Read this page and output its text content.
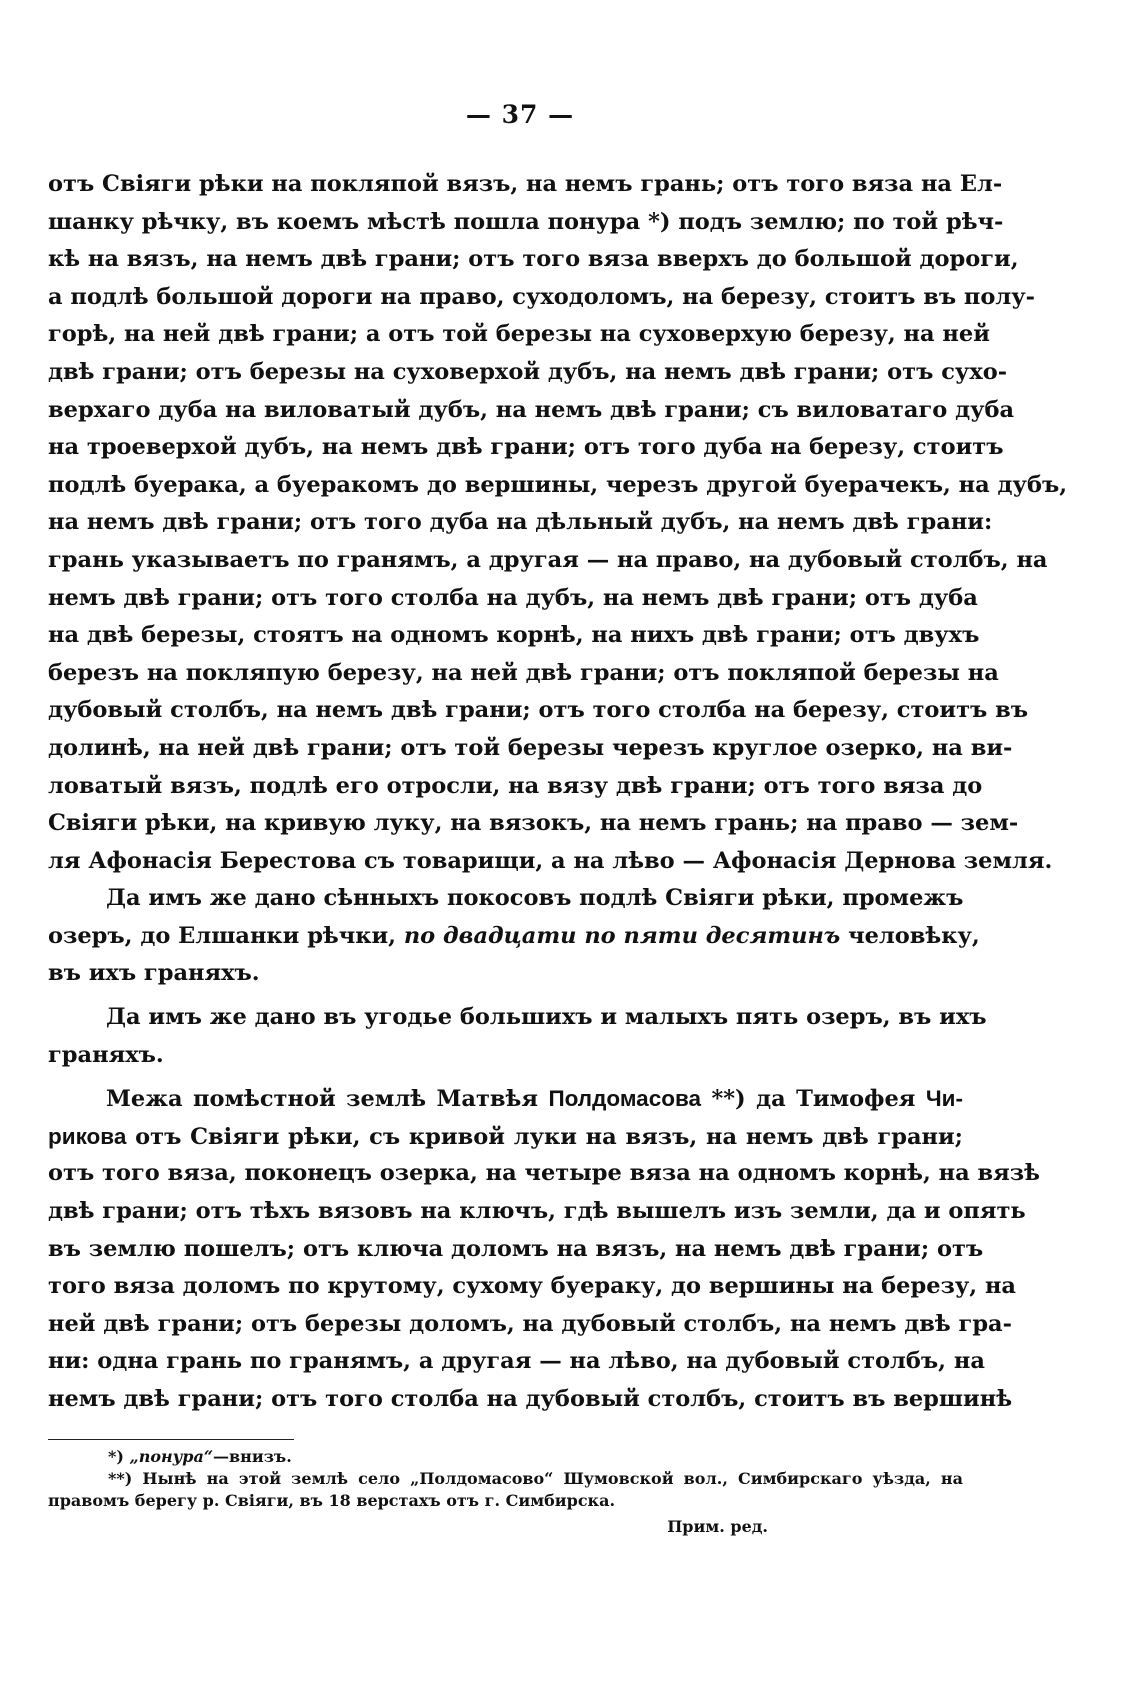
— 37 —
отъ Свіяги рѣки на покляпой вязъ, на немъ грань; отъ того вяза на Ел-
шанку рѣчку, въ коемъ мѣстѣ пошла понура *) подъ землю; по той рѣч-
кѣ на вязъ, на немъ двѣ грани; отъ того вяза вверхъ до большой дороги,
а подлѣ большой дороги на право, суходоломъ, на березу, стоитъ въ полу-
горѣ, на ней двѣ грани; а отъ той березы на суховерхую березу, на ней
двѣ грани; отъ березы на суховерхой дубъ, на немъ двѣ грани; отъ сухо-
верхаго дуба на виловатый дубъ, на немъ двѣ грани; съ виловатаго дуба
на троеверхой дубъ, на немъ двѣ грани; отъ того дуба на березу, стоитъ
подлѣ буерака, а буеракомъ до вершины, черезъ другой буерачекъ, на дубъ,
на немъ двѣ грани; отъ того дуба на дѣльный дубъ, на немъ двѣ грани:
грань указываетъ по гранямъ, а другая — на право, на дубовый столбъ, на
немъ двѣ грани; отъ того столба на дубъ, на немъ двѣ грани; отъ дуба
на двѣ березы, стоятъ на одномъ корнѣ, на нихъ двѣ грани; отъ двухъ
березъ на покляпую березу, на ней двѣ грани; отъ покляпой березы на
дубовый столбъ, на немъ двѣ грани; отъ того столба на березу, стоитъ въ
долинѣ, на ней двѣ грани; отъ той березы черезъ круглое озерко, на ви-
ловатый вязъ, подлѣ его отросли, на вязу двѣ грани; отъ того вяза до
Свіяги рѣки, на кривую луку, на вязокъ, на немъ грань; на право — зем-
ля Афонасія Берестова съ товарищи, а на лѣво — Афонасія Дернова земля.
Да имъ же дано сѣнныхъ покосовъ подлѣ Свіяги рѣки, промежъ
озеръ, до Елшанки рѣчки, по двадцати по пяти десятинъ человѣку,
въ ихъ граняхъ.
Да имъ же дано въ угодье большихъ и малыхъ пять озеръ, въ ихъ
граняхъ.
Межа помѣстной землѣ Матвѣя Полдомасова **) да Тимофея Чи-
рикова отъ Свіяги рѣки, съ кривой луки на вязъ, на немъ двѣ грани;
отъ того вяза, поконецъ озерка, на четыре вяза на одномъ корнѣ, на вязѣ
двѣ грани; отъ тѣхъ вязовъ на ключъ, гдѣ вышелъ изъ земли, да и опять
въ землю пошелъ; отъ ключа доломъ на вязъ, на немъ двѣ грани; отъ
того вяза доломъ по крутому, сухому буераку, до вершины на березу, на
ней двѣ грани; отъ березы доломъ, на дубовый столбъ, на немъ двѣ гра-
ни: одна грань по гранямъ, а другая — на лѣво, на дубовый столбъ, на
немъ двѣ грани; отъ того столба на дубовый столбъ, стоитъ въ вершинѣ
*) „понура“—внизъ.
**) Нынѣ на этой землѣ село „Полдомасово“ Шумовской вол., Симбирскаго уѣзда, на
правомъ берегу р. Свіяги, въ 18 верстахъ отъ г. Симбирска.
Прим. ред.
